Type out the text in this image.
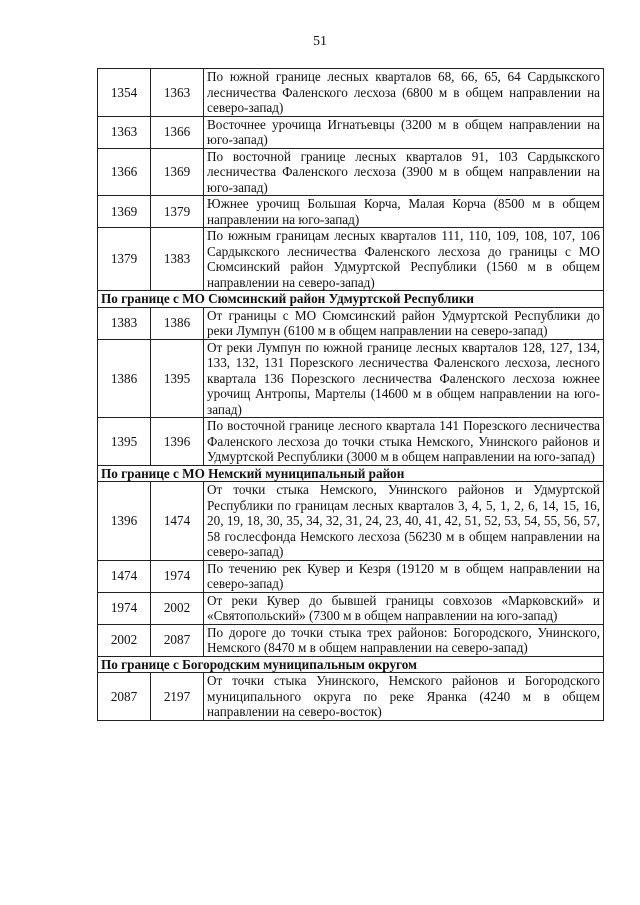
51
1354	1363	По южной границе лесных кварталов 68, 66, 65, 64 Сардыкского лесничества Фаленского лесхоза (6800 м в общем направлении на северо-запад)
1363	1366	Восточнее урочища Игнатьевцы (3200 м в общем направлении на юго-запад)
1366	1369	По восточной границе лесных кварталов 91, 103 Сардыкского лесничества Фаленского лесхоза (3900 м в общем направлении на юго-запад)
1369	1379	Южнее урочищ Большая Корча, Малая Корча (8500 м в общем направлении на юго-запад)
1379	1383	По южным границам лесных кварталов 111, 110, 109, 108, 107, 106 Сардыкского лесничества Фаленского лесхоза до границы с МО Сюмсинский район Удмуртской Республики (1560 м в общем направлении на северо-запад)
По границе с МО Сюмсинский район Удмуртской Республики		
1383	1386	От границы с МО Сюмсинский район Удмуртской Республики до реки Лумпун (6100 м в общем направлении на северо-запад)
1386	1395	От реки Лумпун по южной границе лесных кварталов 128, 127, 134, 133, 132, 131 Порезского лесничества Фаленского лесхоза, лесного квартала 136 Порезского лесничества Фаленского лесхоза южнее урочищ Антропы, Мартелы (14600 м в общем направлении на юго-запад)
1395	1396	По восточной границе лесного квартала 141 Порезского лесничества Фаленского лесхоза до точки стыка Немского, Унинского районов и Удмуртской Республики (3000 м в общем направлении на юго-запад)
По границе с МО Немский муниципальный район		
1396	1474	От точки стыка Немского, Унинского районов и Удмуртской Республики по границам лесных кварталов 3, 4, 5, 1, 2, 6, 14, 15, 16, 20, 19, 18, 30, 35, 34, 32, 31, 24, 23, 40, 41, 42, 51, 52, 53, 54, 55, 56, 57, 58 гослесфонда Немского лесхоза (56230 м в общем направлении на северо-запад)
1474	1974	По течению рек Кувер и Кезря (19120 м в общем направлении на северо-запад)
1974	2002	От реки Кувер до бывшей границы совхозов «Марковский» и «Святопольский» (7300 м в общем направлении на юго-запад)
2002	2087	По дороге до точки стыка трех районов: Богородского, Унинского, Немского (8470 м в общем направлении на северо-запад)
По границе с Богородским муниципальным округом		
2087	2197	От точки стыка Унинского, Немского районов и Богородского муниципального округа по реке Яранка (4240 м в общем направлении на северо-восток)
